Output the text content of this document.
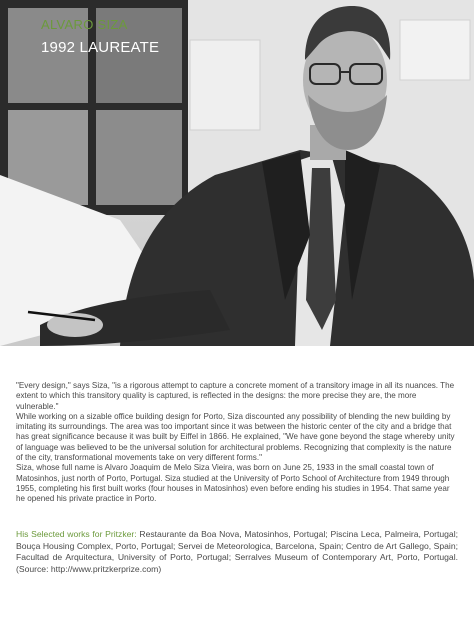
ALVARO SIZA
1992 LAUREATE

"Every design," says Siza, "is a rigorous attempt to capture a concrete moment of a transitory image in all its nuances. The extent to which this transitory quality is captured, is reflected in the designs: the more precise they are, the more vulnerable."

While working on a sizable office building design for Porto, Siza discounted any possibility of blending the new building by imitating its surroundings. The area was too important since it was between the historic center of the city and a bridge that has great significance because it was built by Eiffel in 1866. He explained, "We have gone beyond the stage whereby unity of language was believed to be the universal solution for architectural problems. Recognizing that complexity is the nature of the city, transformational movements take on very different forms."

Siza, whose full name is Alvaro Joaquim de Melo Siza Vieira, was born on June 25, 1933 in the small coastal town of Matosinhos, just north of Porto, Portugal. Siza studied at the University of Porto School of Architecture from 1949 through 1955, completing his first built works (four houses in Matosinhos) even before ending his studies in 1954. That same year he opened his private practice in Porto.

His Selected works for Pritzker: Restaurante da Boa Nova, Matosinhos, Portugal; Piscina Leca, Palmeira, Portugal; Bouça Housing Complex, Porto, Portugal; Servei de Meteorologica, Barcelona, Spain; Centro de Art Gallego, Spain; Facultad de Arquitectura, University of Porto, Portugal; Serralves Museum of Contemporary Art, Porto, Portugal. (Source: http://www.pritzkerprize.com)
